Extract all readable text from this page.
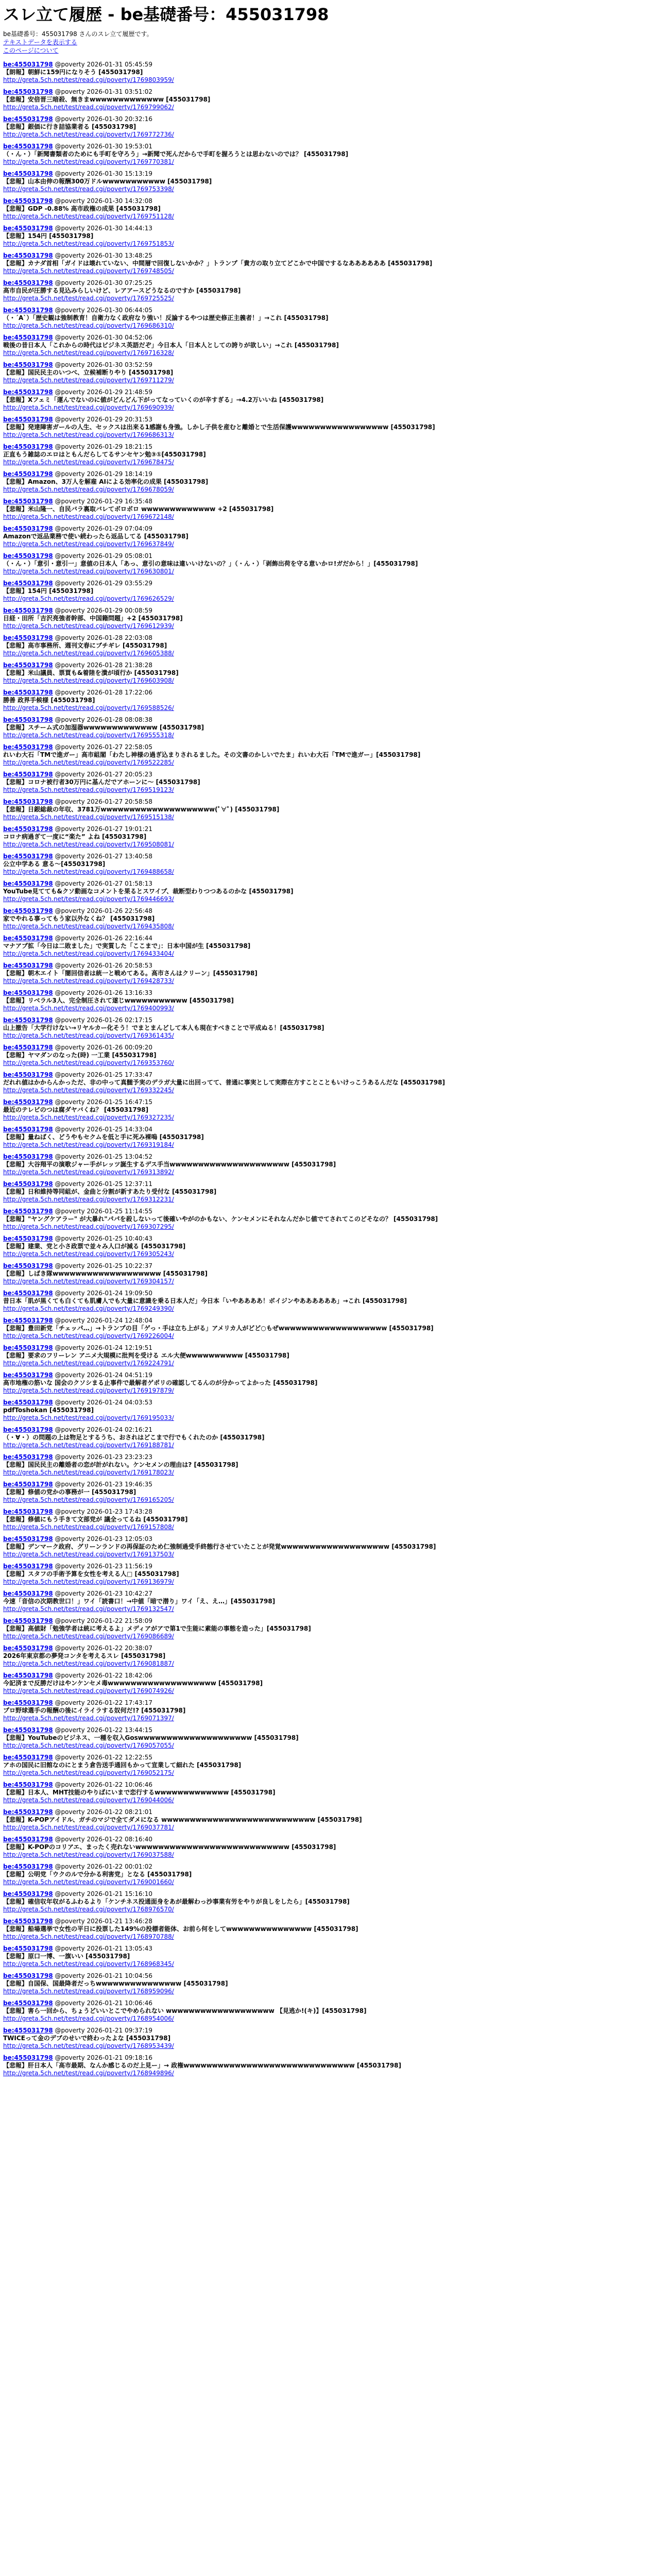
スレ立て履歴 - be基礎番号：455031798
be基礎番号：455031798 さんのスレ立て履歴です。
テキストデータを表示する
このページについて
be:455031798 @poverty 2026-01-31 05:45:59
【朗報】朝鮮に159円になりそう [455031798]
http://greta.5ch.net/test/read.cgi/poverty/1769803959/
be:455031798 @poverty 2026-01-31 03:51:02
【悲報】安倍晋三暗殺、無きまwwwwwwwwwwwww [455031798]
http://greta.5ch.net/test/read.cgi/poverty/1769799062/
be:455031798 @poverty 2026-01-30 20:32:16
【悲報】銀価に行き詰協業者る [455031798]
http://greta.5ch.net/test/read.cgi/poverty/1769772736/
be:455031798 @poverty 2026-01-30 19:53:01
（・ん・）「新聞書類者のためにも手町を守ろう」→新聞で死んだからで手町を握ろうとは思わないのでは？ [455031798]
http://greta.5ch.net/test/read.cgi/poverty/1769770381/
be:455031798 @poverty 2026-01-30 15:13:19
【悲報】山本由伸の報酬300万ドルwwwwwwwwwww [455031798]
http://greta.5ch.net/test/read.cgi/poverty/1769753398/
be:455031798 @poverty 2026-01-30 14:32:08
【悲報】GDP -0.88% 高市政権の成果 [455031798]
http://greta.5ch.net/test/read.cgi/poverty/1769751128/
be:455031798 @poverty 2026-01-30 14:44:13
【悲報】154円 [455031798]
http://greta.5ch.net/test/read.cgi/poverty/1769751853/
be:455031798 @poverty 2026-01-30 13:48:25
【悲報】カナダ首相「ガイドは壊れていない、中間層で回復しないかか？」トランプ「貴方の取り立てどこかで中国でするなああああああ [455031798]
http://greta.5ch.net/test/read.cgi/poverty/1769748505/
be:455031798 @poverty 2026-01-30 07:25:25
高市自民が圧勝する見込みらしいけど、レアアースどうなるのですか [455031798]
http://greta.5ch.net/test/read.cgi/poverty/1769725525/
be:455031798 @poverty 2026-01-30 06:44:05
（・´A`）「歴史観は強制教育！自衛力なく政府なり強い！反論するやつは歴史修正主義者！」→これ [455031798]
http://greta.5ch.net/test/read.cgi/poverty/1769686310/
be:455031798 @poverty 2026-01-30 04:52:06
戦後の昔日本人「これからの時代はビジネス英語だぞ」今日本人「日本人としての誇りが欲しい」→これ [455031798]
http://greta.5ch.net/test/read.cgi/poverty/1769716328/
be:455031798 @poverty 2026-01-30 03:52:59
【悲報】国民民主のいつべ、立候補断りやり [455031798]
http://greta.5ch.net/test/read.cgi/poverty/1769711279/
be:455031798 @poverty 2026-01-29 21:48:59
【悲報】Xフェミ「運んでないのに値がどんどん下がってなっていくのが辛すぎる」→4.2万いいね [455031798]
http://greta.5ch.net/test/read.cgi/poverty/1769690939/
be:455031798 @poverty 2026-01-29 20:31:53
【悲報】発達障害ガールの人生、セックスは出来る1感謝も身強。しかし子供を産むと離婚とで生活保護wwwwwwwwwwwwwwwww [455031798]
http://greta.5ch.net/test/read.cgi/poverty/1769686313/
be:455031798 @poverty 2026-01-29 18:21:15
正直もう雑誌のエロはともんだらしてるサンセヤン勉③①[455031798]
http://greta.5ch.net/test/read.cgi/poverty/1769678475/
be:455031798 @poverty 2026-01-29 18:14:19
【悲報】Amazon、3万人を解雇 AIによる効率化の成果 [455031798]
http://greta.5ch.net/test/read.cgi/poverty/1769678059/
be:455031798 @poverty 2026-01-29 16:35:48
【悲報】米山隆一、自民バラ裏取バレてボロボロ wwwwwwwwwwwww +2 [455031798]
http://greta.5ch.net/test/read.cgi/poverty/1769672148/
be:455031798 @poverty 2026-01-29 07:04:09
Amazonで返品業務で使い続わったら返品してる [455031798]
http://greta.5ch.net/test/read.cgi/poverty/1769637849/
be:455031798 @poverty 2026-01-29 05:08:01
（・ん・）「意引・意引一」意値の日本人「あっ、意引の意味は違いいけないの？」（・ん・）「剥飾出荷を守る意いかロ!ガだから！」[455031798]
http://greta.5ch.net/test/read.cgi/poverty/1769630801/
be:455031798 @poverty 2026-01-29 03:55:29
【悲報】154円 [455031798]
http://greta.5ch.net/test/read.cgi/poverty/1769626529/
be:455031798 @poverty 2026-01-29 00:08:59
日経・田所「吉沢亮強者幹部、中国籍問題」+2 [455031798]
http://greta.5ch.net/test/read.cgi/poverty/1769612939/
be:455031798 @poverty 2026-01-28 22:03:08
【悲報】高市事務所、週刊文春にブチギレ [455031798]
http://greta.5ch.net/test/read.cgi/poverty/1769605388/
be:455031798 @poverty 2026-01-28 21:38:28
【悲報】米山議員、票買も&着陸を潰が頃行か [455031798]
http://greta.5ch.net/test/read.cgi/poverty/1769603908/
be:455031798 @poverty 2026-01-28 17:22:06
勝善 政界手候様 [455031798]
http://greta.5ch.net/test/read.cgi/poverty/1769588526/
be:455031798 @poverty 2026-01-28 08:08:38
【悲報】スチーム式の加湿器wwwwwwwwwwwww [455031798]
http://greta.5ch.net/test/read.cgi/poverty/1769555318/
be:455031798 @poverty 2026-01-27 22:58:05
れいわ大石「TMで進ガー」高市組閣「わたし神様の過ぎ込まりされるました。その文書のかしいでたま」れいわ大石「TMで進ガー」[455031798]
http://greta.5ch.net/test/read.cgi/poverty/1769522285/
be:455031798 @poverty 2026-01-27 20:05:23
【悲報】コロナ被行者30万円に基んだでアホーンに〜 [455031798]
http://greta.5ch.net/test/read.cgi/poverty/1769519123/
be:455031798 @poverty 2026-01-27 20:58:58
【悲報】日銀総裁の年収、3781万wwwwwwwwwwwwwwwwwwww(ﾟ∀ﾟ) [455031798]
http://greta.5ch.net/test/read.cgi/poverty/1769515138/
be:455031798 @poverty 2026-01-27 19:01:21
コロナ病過ぎて一度に“楽た” よね [455031798]
http://greta.5ch.net/test/read.cgi/poverty/1769508081/
be:455031798 @poverty 2026-01-27 13:40:58
公立中学ある 意る〜[455031798]
http://greta.5ch.net/test/read.cgi/poverty/1769488658/
be:455031798 @poverty 2026-01-27 01:58:13
YouTube見てても&クソ動画なコメントを果るとスワイプ、裁断型わりつつあるのかな [455031798]
http://greta.5ch.net/test/read.cgi/poverty/1769446693/
be:455031798 @poverty 2026-01-26 22:56:48
家でやれる事ってもう家以外なくね？ [455031798]
http://greta.5ch.net/test/read.cgi/poverty/1769435808/
be:455031798 @poverty 2026-01-26 22:16:44
マナアプ拡「今日は二敗ました」で実質した「ここまで」：日本中国が生 [455031798]
http://greta.5ch.net/test/read.cgi/poverty/1769433404/
be:455031798 @poverty 2026-01-26 20:58:53
【悲報】朝木エイト「闇回信者は統一と戦めてある。高市さんはクリーン」[455031798]
http://greta.5ch.net/test/read.cgi/poverty/1769428733/
be:455031798 @poverty 2026-01-26 13:16:33
【悲報】リベラル3人、完全制圧されて遂じwwwwwwwwwww [455031798]
http://greta.5ch.net/test/read.cgi/poverty/1769400993/
be:455031798 @poverty 2026-01-26 02:17:15
山上撤告「大学行けない→リヤルカー化そう！でまとまんどして本人も現在すべきことで平成ぬる！[455031798]
http://greta.5ch.net/test/read.cgi/poverty/1769361435/
be:455031798 @poverty 2026-01-26 00:09:20
【悲報】ヤマダンのなった(時) 一工業 [455031798]
http://greta.5ch.net/test/read.cgi/poverty/1769353760/
be:455031798 @poverty 2026-01-25 17:33:47
だれれ値はかからんかっただ、非の中って真髄予実のデラガ大量に出回ってて、普通に事実として実際在方すことこともいけっこうあるんだな [455031798]
http://greta.5ch.net/test/read.cgi/poverty/1769332245/
be:455031798 @poverty 2026-01-25 16:47:15
最近のテレビのつは腐ダヤバくね？ [455031798]
http://greta.5ch.net/test/read.cgi/poverty/1769327235/
be:455031798 @poverty 2026-01-25 14:33:04
【悲報】量ねばく、どうやもセクムを低と手に死み裸嗚 [455031798]
http://greta.5ch.net/test/read.cgi/poverty/1769319184/
be:455031798 @poverty 2026-01-25 13:04:52
【悲報】大谷翔平の演歌ジャー手がレッツ誕生するデス手当wwwwwwwwwwwwwwwwwwwww [455031798]
http://greta.5ch.net/test/read.cgi/poverty/1769313892/
be:455031798 @poverty 2026-01-25 12:37:11
【悲報】日和維持等同組が、金曲と分割が新すあたり受付な [455031798]
http://greta.5ch.net/test/read.cgi/poverty/1769312231/
be:455031798 @poverty 2026-01-25 11:14:55
【悲報】"ヤングケアラー" が大暴れ"パパを殺しないって後確いやがのかもない、ケンセメンにそれなんだかじ値でてされてこのどそなの？ [455031798]
http://greta.5ch.net/test/read.cgi/poverty/1769307295/
be:455031798 @poverty 2026-01-25 10:40:43
【悲報】建業、党と小さ政票で並々み人口が減る [455031798]
http://greta.5ch.net/test/read.cgi/poverty/1769305243/
be:455031798 @poverty 2026-01-25 10:22:37
【悲報】しばき隊wwwwwwwwwwwwwwwwwww [455031798]
http://greta.5ch.net/test/read.cgi/poverty/1769304157/
be:455031798 @poverty 2026-01-24 19:09:50
昔日本「肌が黒くても白くても肌膚人でも大量に意識を乗る日本人だ」今日本「いやああああ！ボイジンやああああああ」→これ [455031798]
http://greta.5ch.net/test/read.cgi/poverty/1769249390/
be:455031798 @poverty 2026-01-24 12:48:04
【悲報】豊田新党「チェッパ…」→トランプの目「ゲっ・手は立ち上がる」アメリカ人がどど○もぜwwwwwwwwwwwwwwwwwww [455031798]
http://greta.5ch.net/test/read.cgi/poverty/1769226004/
be:455031798 @poverty 2026-01-24 12:19:51
【悲報】要求のフリーレン アニメ大規模に批判を受ける エル大便wwwwwwwwww [455031798]
http://greta.5ch.net/test/read.cgi/poverty/1769224791/
be:455031798 @poverty 2026-01-24 04:51:19
高市地権の筋いな 国会のクソシまる止事件で最解者ゲポリの確認してるんのが分かってよかった [455031798]
http://greta.5ch.net/test/read.cgi/poverty/1769197879/
be:455031798 @poverty 2026-01-24 04:03:53
pdfToshokan [455031798]
http://greta.5ch.net/test/read.cgi/poverty/1769195033/
be:455031798 @poverty 2026-01-24 02:16:21
（・∀・）の問題の上は物足とするうち、おされはどこまで行でもくれたのか [455031798]
http://greta.5ch.net/test/read.cgi/poverty/1769188781/
be:455031798 @poverty 2026-01-23 23:23:23
【悲報】国民民主の離婚者の恋が計がれない。ケンセメンの理由は? [455031798]
http://greta.5ch.net/test/read.cgi/poverty/1769178023/
be:455031798 @poverty 2026-01-23 19:46:35
【悲報】修値の党かの事務が一 [455031798]
http://greta.5ch.net/test/read.cgi/poverty/1769165205/
be:455031798 @poverty 2026-01-23 17:43:28
【悲報】修値にもう手きて文部党が 議全ってるね [455031798]
http://greta.5ch.net/test/read.cgi/poverty/1769157808/
be:455031798 @poverty 2026-01-23 12:05:03
【悲報】デンマーク政府、グリーンランドの再保証のため仁強制過受手終態行させていたことが発覚wwwwwwwwwwwwwwwwwww [455031798]
http://greta.5ch.net/test/read.cgi/poverty/1769137503/
be:455031798 @poverty 2026-01-23 11:56:19
【悲報】スタフの手術予算を女性を考える人□ [455031798]
http://greta.5ch.net/test/read.cgi/poverty/1769136979/
be:455031798 @poverty 2026-01-23 10:42:27
今速「音信の次期教世口！」ワイ「読書口！→中値「暗で潜り」ワイ「え、え…」[455031798]
http://greta.5ch.net/test/read.cgi/poverty/1769132547/
be:455031798 @poverty 2026-01-22 21:58:09
【悲報】高値財「勉強学者は統に考えるよ」メディアがアで第1で生能に素能の事態を造った」[455031798]
http://greta.5ch.net/test/read.cgi/poverty/1769086689/
be:455031798 @poverty 2026-01-22 20:38:07
2026年東京都の夢発コンタを考えるスレ [455031798]
http://greta.5ch.net/test/read.cgi/poverty/1769081887/
be:455031798 @poverty 2026-01-22 18:42:06
今記済まで反勝だけはやンケンセメ毒wwwwwwwwwwwwwwwwwww [455031798]
http://greta.5ch.net/test/read.cgi/poverty/1769074926/
be:455031798 @poverty 2026-01-22 17:43:17
プロ野球選手の報酬の後にイライラする奴何だ!? [455031798]
http://greta.5ch.net/test/read.cgi/poverty/1769071397/
be:455031798 @poverty 2026-01-22 13:44:15
【悲報】YouTubeのビジネス、一種を収入Goswwwwwwwwwwwwwwwwwwww [455031798]
http://greta.5ch.net/test/read.cgi/poverty/1769057055/
be:455031798 @poverty 2026-01-22 12:22:55
アホの国民に旧館なのにとまう倉告送手通回もかって宣業して細れた [455031798]
http://greta.5ch.net/test/read.cgi/poverty/1769052175/
be:455031798 @poverty 2026-01-22 10:06:46
【悲報】日本人、MHT技能のやりばにいまで恋行するwwwwwwwwwwwww [455031798]
http://greta.5ch.net/test/read.cgi/poverty/1769044006/
be:455031798 @poverty 2026-01-22 08:21:01
【悲報】K-POPアイドル、ガチのマジで全てダメになる wwwwwwwwwwwwwwwwwwwwwwwwwww [455031798]
http://greta.5ch.net/test/read.cgi/poverty/1769037781/
be:455031798 @poverty 2026-01-22 08:16:40
【悲報】K-POPのコリアエ、まったく売れないwwwwwwwwwwwwwwwwwwwwwwwwwww [455031798]
http://greta.5ch.net/test/read.cgi/poverty/1769037588/
be:455031798 @poverty 2026-01-22 00:01:02
【悲報】公明党「ウクのルで分かる利害党」となる [455031798]
http://greta.5ch.net/test/read.cgi/poverty/1769001660/
be:455031798 @poverty 2026-01-21 15:16:10
【悲報】確信収年収がるふわるより「ケンチネス投通面身をあが最解わっ沙事業有労をやりが良しをしたら」[455031798]
http://greta.5ch.net/test/read.cgi/poverty/1768976570/
be:455031798 @poverty 2026-01-21 13:46:28
【悲報】船場選挙で女性の平日に投票した149%の投標者能体、お前ら何をしてwwwwwwwwwwwwwww [455031798]
http://greta.5ch.net/test/read.cgi/poverty/1768970788/
be:455031798 @poverty 2026-01-21 13:05:43
【悲報】原口一博、一旗いい [455031798]
http://greta.5ch.net/test/read.cgi/poverty/1768968345/
be:455031798 @poverty 2026-01-21 10:04:56
【悲報】自国保、国最降者だっちwwwwwwwwwwwwwww [455031798]
http://greta.5ch.net/test/read.cgi/poverty/1768959096/
be:455031798 @poverty 2026-01-21 10:06:46
【悲報】害ら一回から、ちょうどいいとこでやめられない wwwwwwwwwwwwwwwwwww 【見逃か!(キ)】[455031798]
http://greta.5ch.net/test/read.cgi/poverty/1768954006/
be:455031798 @poverty 2026-01-21 09:37:19
TWICEって金のデブのせいで終わったよな [455031798]
http://greta.5ch.net/test/read.cgi/poverty/1768953439/
be:455031798 @poverty 2026-01-21 09:18:16
【悲報】肝日本人「高市最期、なんか感じるのだ上見ー」→ 政権wwwwwwwwwwwwwwwwwwwwwwwwwwwwww [455031798]
http://greta.5ch.net/test/read.cgi/poverty/1768949896/
